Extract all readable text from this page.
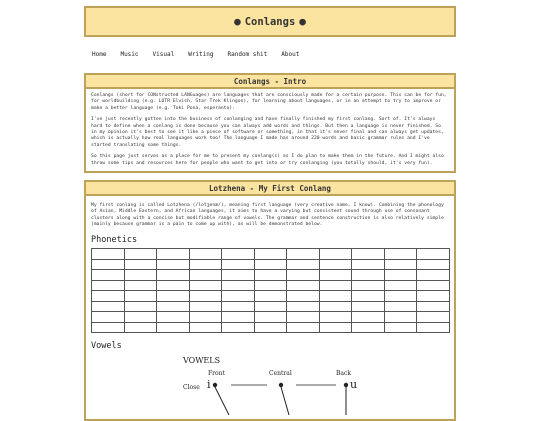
● Conlangs ●
Home Music Visual Writing Random shit About
Conlangs - Intro

Conlangs (short for CONstructed LANGuages) are languages that are consciously made for a certain purpose. This can be for fun, for worldbuilding (e.g. LOTR Elvish, Star Trek Klingon), for learning about languages, or in an attempt to try to improve or make a better language (e.g. Toki Pona, esperanto).

I've just recently gotten into the business of conlanging and have finally finished my first conlang. Sort of. It's always hard to define when a conlang is done because you can always add words and things. But then a language is never finished. So in my opinion it's best to see it like a piece of software or something, in that it's never final and can always get updates, which is actually how real languages work too! The language I made has around 220 words and basic grammar rules and I've started translating some things.

So this page just serves as a place for me to present my conlang(s) as I do plan to make them in the future. And I might also throw some tips and resources here for people who want to get into or try conlanging (you totally should, it's very fun).

Lotzhena - My First Conlang

My first conlang is called Lotzhena (/lotʒenæ/), meaning first language (very creative name, I know). Combining the phonology of Asian, Middle Eastern, and African languages, it aims to have a varying but consistent sound through use of consonant clusters along with a concise but modifiable range of vowels. The grammar and sentence construction is also relatively simple (mainly because grammar is a pain to come up with), as will be demonstrated below.

Phonetics

Vowels
VOWELS
Front	Central	Back
Close i	u
